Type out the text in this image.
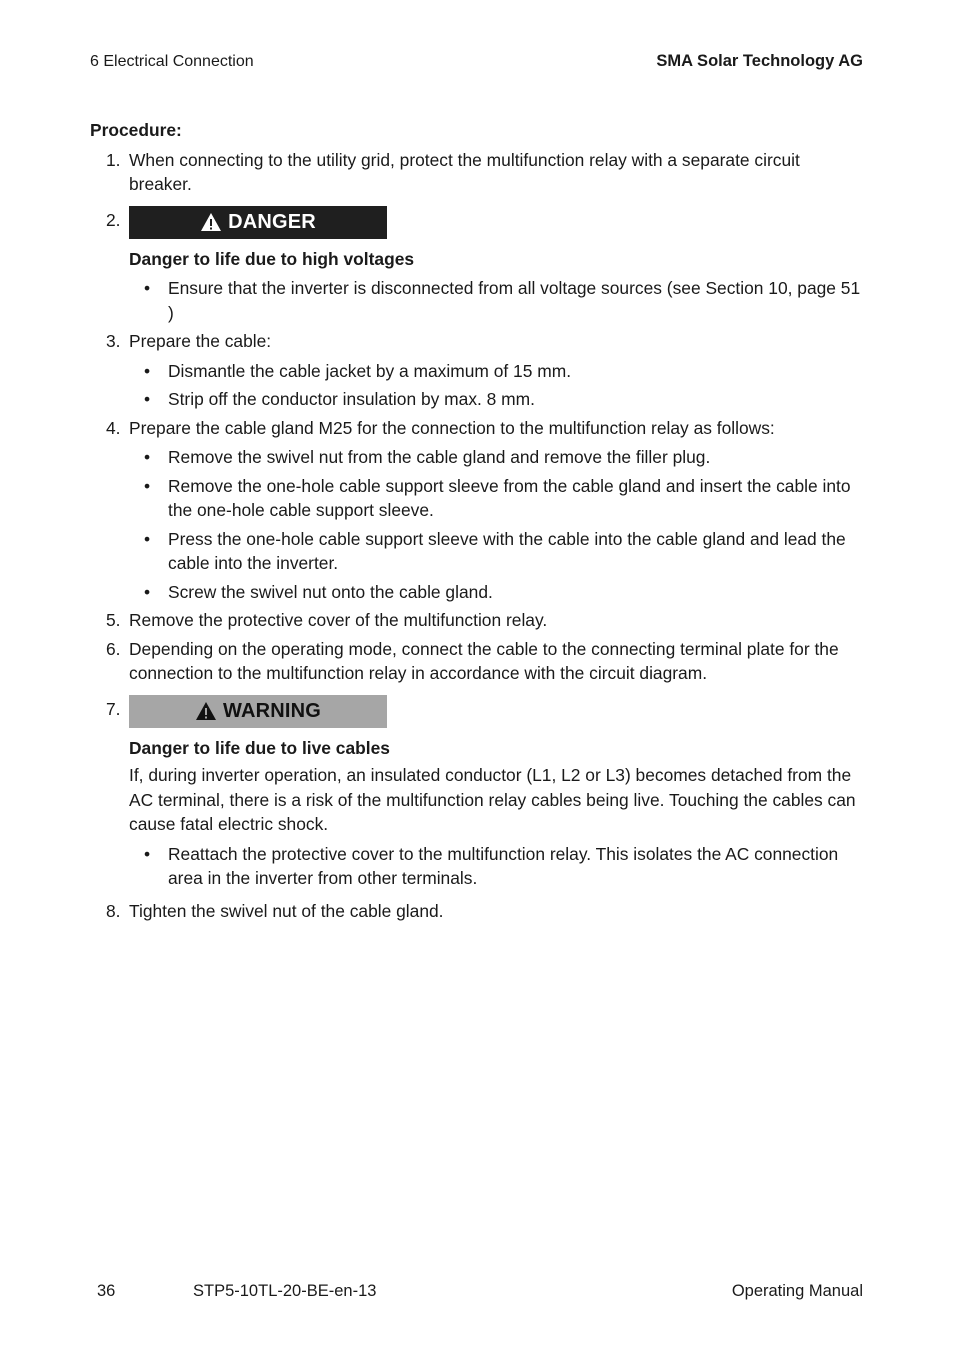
6 Electrical Connection	SMA Solar Technology AG
Procedure:
1. When connecting to the utility grid, protect the multifunction relay with a separate circuit breaker.
2.	DANGER
Danger to life due to high voltages
• Ensure that the inverter is disconnected from all voltage sources (see Section 10, page 51 )
3. Prepare the cable:
• Dismantle the cable jacket by a maximum of 15 mm.
• Strip off the conductor insulation by max. 8 mm.
4. Prepare the cable gland M25 for the connection to the multifunction relay as follows:
• Remove the swivel nut from the cable gland and remove the filler plug.
• Remove the one-hole cable support sleeve from the cable gland and insert the cable into the one-hole cable support sleeve.
• Press the one-hole cable support sleeve with the cable into the cable gland and lead the cable into the inverter.
• Screw the swivel nut onto the cable gland.
5. Remove the protective cover of the multifunction relay.
6. Depending on the operating mode, connect the cable to the connecting terminal plate for the connection to the multifunction relay in accordance with the circuit diagram.
7.	WARNING
Danger to life due to live cables
If, during inverter operation, an insulated conductor (L1, L2 or L3) becomes detached from the AC terminal, there is a risk of the multifunction relay cables being live. Touching the cables can cause fatal electric shock.
• Reattach the protective cover to the multifunction relay. This isolates the AC connection area in the inverter from other terminals.
8. Tighten the swivel nut of the cable gland.
36	STP5-10TL-20-BE-en-13	Operating Manual
